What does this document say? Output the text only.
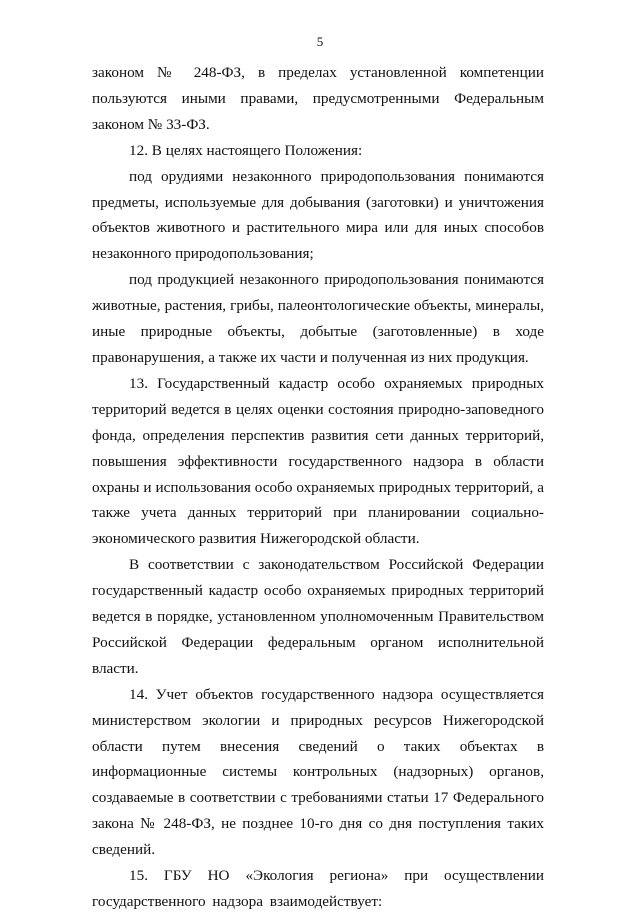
5

законом № 248-ФЗ, в пределах установленной компетенции пользуются иными правами, предусмотренными Федеральным законом № 33-ФЗ.

12. В целях настоящего Положения:

под орудиями незаконного природопользования понимаются предметы, используемые для добывания (заготовки) и уничтожения объектов животного и растительного мира или для иных способов незаконного природопользования;

под продукцией незаконного природопользования понимаются животные, растения, грибы, палеонтологические объекты, минералы, иные природные объекты, добытые (заготовленные) в ходе правонарушения, а также их части и полученная из них продукция.

13. Государственный кадастр особо охраняемых природных территорий ведется в целях оценки состояния природно-заповедного фонда, определения перспектив развития сети данных территорий, повышения эффективности государственного надзора в области охраны и использования особо охраняемых природных территорий, а также учета данных территорий при планировании социально-экономического развития Нижегородской области.

В соответствии с законодательством Российской Федерации государственный кадастр особо охраняемых природных территорий ведется в порядке, установленном уполномоченным Правительством Российской Федерации федеральным органом исполнительной власти.

14. Учет объектов государственного надзора осуществляется министерством экологии и природных ресурсов Нижегородской области путем внесения сведений о таких объектах в информационные системы контрольных (надзорных) органов, создаваемые в соответствии с требованиями статьи 17 Федерального закона № 248-ФЗ, не позднее 10-го дня со дня поступления таких сведений.

15. ГБУ НО «Экология региона» при осуществлении государственного надзора взаимодействует:
